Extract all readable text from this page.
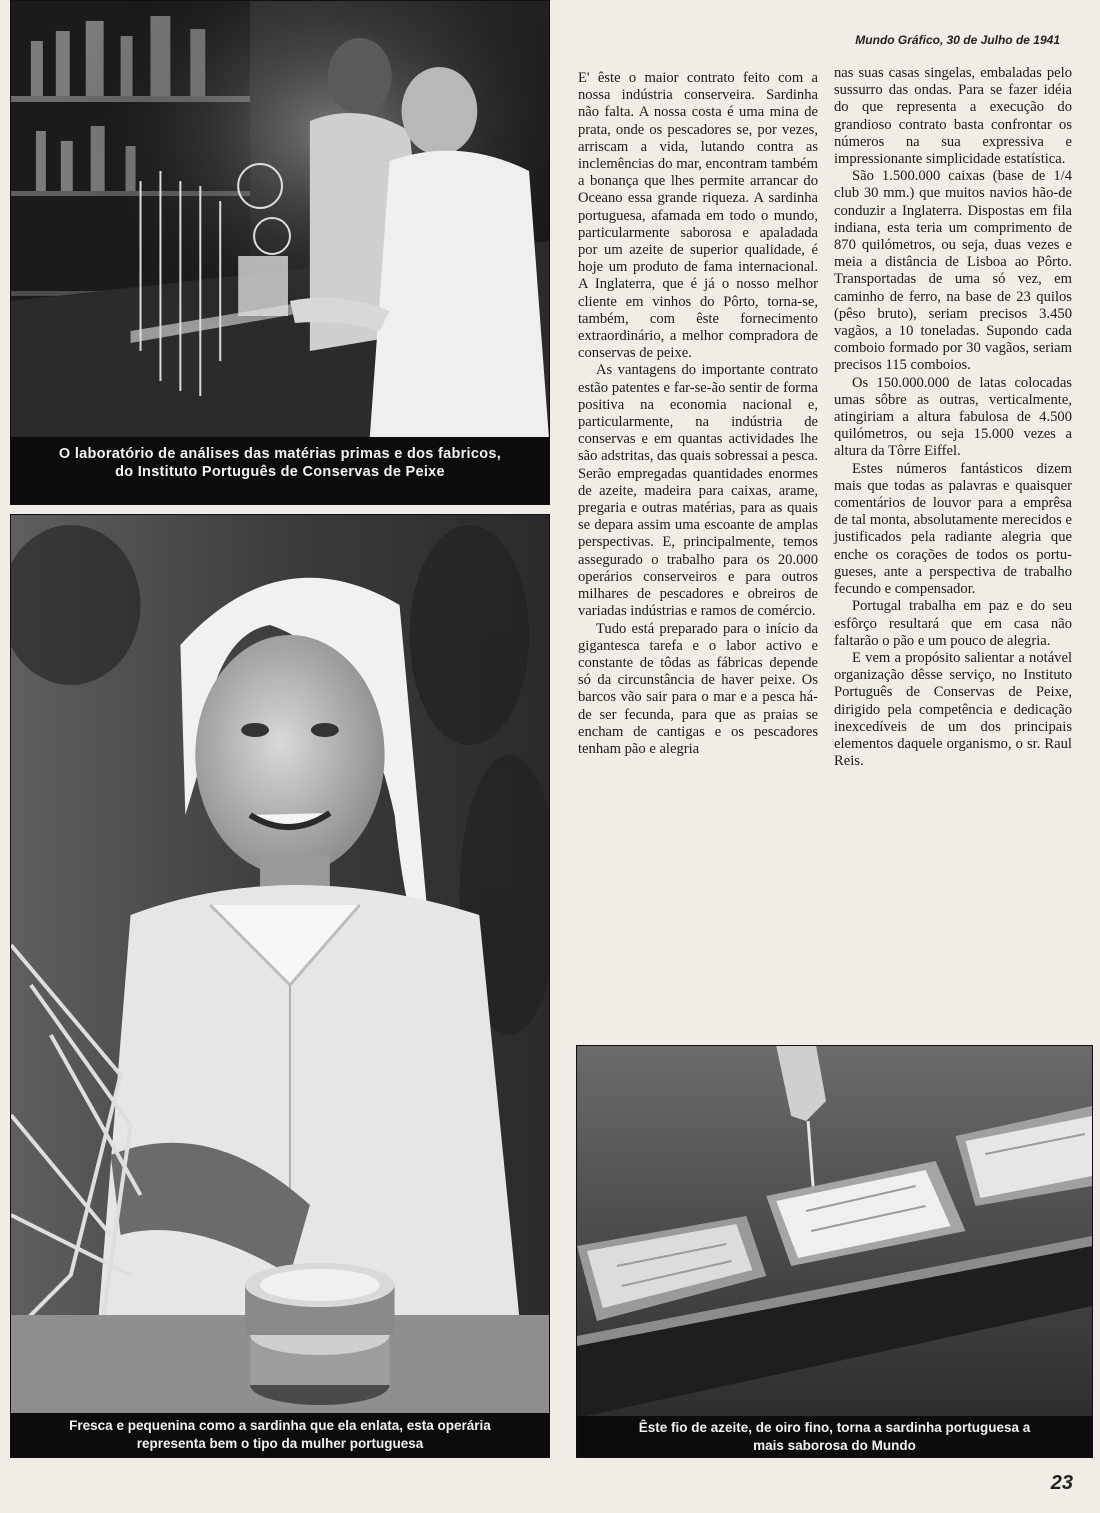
Mundo Gráfico, 30 de Julho de 1941
O laboratório de análises das matérias primas e dos fabricos,
do Instituto Português de Conservas de Peixe
Fresca e pequenina como a sardinha que ela enlata, esta operária
representa bem o tipo da mulher portuguesa

E' êste o maior contrato feito com a nossa indústria conserveira. Sardinha não falta. A nossa costa é uma mina de prata, onde os pescadores se, por vezes, arriscam a vida, lutando contra as inclemências do mar, encontram também a bonança que lhes permite arrancar do Oceano essa grande riqueza. A sardinha portuguesa, afamada em todo o mundo, particularmente saborosa e apaladada por um azeite de superior qualidade, é hoje um produto de fama internacional. A Inglaterra, que é já o nosso melhor cliente em vinhos do Pôrto, torna-se, também, com êste fornecimento extraordinário, a melhor compradora de conservas de peixe.

As vantagens do importante contrato estão patentes e far-se-ão sentir de forma positiva na economia nacional e, particularmente, na indústria de conservas e em quantas actividades lhe são adstritas, das quais sobressai a pesca. Serão empregadas quantidades enormes de azeite, madeira para caixas, arame, pregaria e outras matérias, para as quais se depara assim uma escoante de amplas perspectivas. E, principalmente, temos assegurado o trabalho para os 20.000 operários conserveiros e para outros milhares de pescadores e obreiros de variadas indústrias e ramos de comércio.

Tudo está preparado para o início da gigantesca tarefa e o labor activo e constante de tôdas as fábricas depende só da circunstância de haver peixe. Os barcos vão sair para o mar e a pesca há-de ser fecunda, para que as praias se encham de cantigas e os pescadores tenham pão e alegria

nas suas casas singelas, embaladas pelo sussurro das ondas. Para se fazer idéia do que representa a execução do grandioso contrato basta confrontar os números na sua expressiva e impressionante simplicidade estatística.

São 1.500.000 caixas (base de 1/4 club 30 mm.) que muitos navios hão-de conduzir a Inglaterra. Dispostas em fila indiana, esta teria um comprimento de 870 quilómetros, ou seja, duas vezes e meia a distância de Lisboa ao Pôrto. Transportadas de uma só vez, em caminho de ferro, na base de 23 quilos (pêso bruto), seriam precisos 3.450 vagãos, a 10 toneladas. Supondo cada comboio formado por 30 vagãos, seriam precisos 115 comboios.

Os 150.000.000 de latas colocadas umas sôbre as outras, verticalmente, atingiriam a altura fabulosa de 4.500 quilómetros, ou seja 15.000 vezes a altura da Tôrre Eiffel.

Estes números fantásticos dizem mais que todas as palavras e quaisquer comentários de louvor para a emprêsa de tal monta, absolutamente merecidos e justificados pela radiante alegria que enche os corações de todos os portugueses, ante a perspectiva de trabalho fecundo e compensador.

Portugal trabalha em paz e do seu esfôrço resultará que em casa não faltarão o pão e um pouco de alegria.

E vem a propósito salientar a notável organização dêsse serviço, no Instituto Português de Conservas de Peixe, dirigido pela competência e dedicação inexcedíveis de um dos principais elementos daquele organismo, o sr. Raul Reis.

Êste fio de azeite, de oiro fino, torna a sardinha portuguesa a
mais saborosa do Mundo
23
